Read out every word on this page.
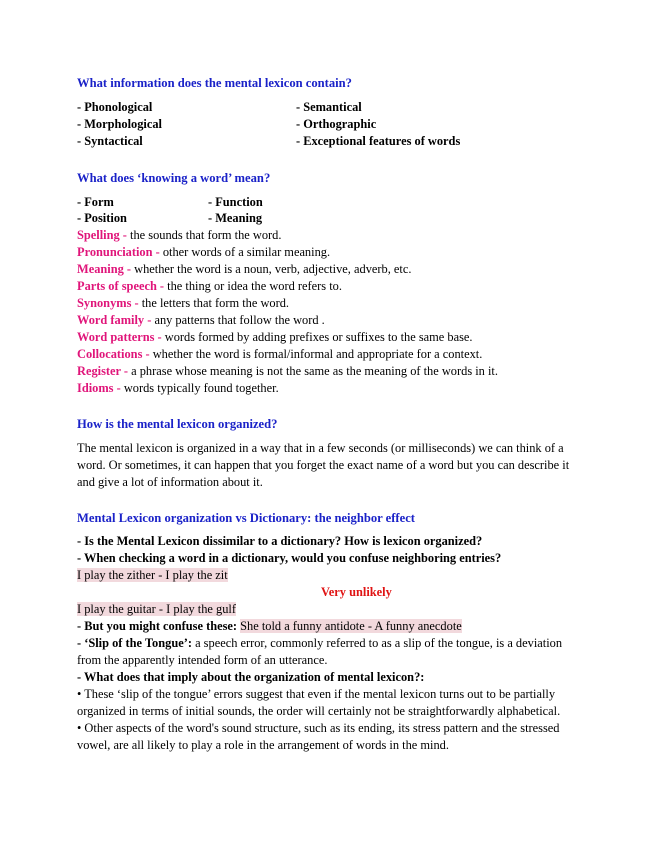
What information does the mental lexicon contain?
- Phonological
- Morphological
- Syntactical
- Semantical
- Orthographic
- Exceptional features of words
What does ‘knowing a word’ mean?
- Form
- Position
- Function
- Meaning
Spelling - the sounds that form the word.
Pronunciation - other words of a similar meaning.
Meaning - whether the word is a noun, verb, adjective, adverb, etc.
Parts of speech - the thing or idea the word refers to.
Synonyms - the letters that form the word.
Word family - any patterns that follow the word .
Word patterns - words formed by adding prefixes or suffixes to the same base.
Collocations - whether the word is formal/informal and appropriate for a context.
Register - a phrase whose meaning is not the same as the meaning of the words in it.
Idioms - words typically found together.
How is the mental lexicon organized?
The mental lexicon is organized in a way that in a few seconds (or milliseconds) we can think of a word. Or sometimes, it can happen that you forget the exact name of a word but you can describe it and give a lot of information about it.
Mental Lexicon organization vs Dictionary: the neighbor effect
- Is the Mental Lexicon dissimilar to a dictionary? How is lexicon organized?
- When checking a word in a dictionary, would you confuse neighboring entries?
I play the zither - I play the zit
Very unlikely
I play the guitar - I play the gulf
- But you might confuse these: She told a funny antidote - A funny anecdote
- ‘Slip of the Tongue’: a speech error, commonly referred to as a slip of the tongue, is a deviation from the apparently intended form of an utterance.
- What does that imply about the organization of mental lexicon?:
• These ‘slip of the tongue’ errors suggest that even if the mental lexicon turns out to be partially organized in terms of initial sounds, the order will certainly not be straightforwardly alphabetical.
• Other aspects of the word's sound structure, such as its ending, its stress pattern and the stressed vowel, are all likely to play a role in the arrangement of words in the mind.
